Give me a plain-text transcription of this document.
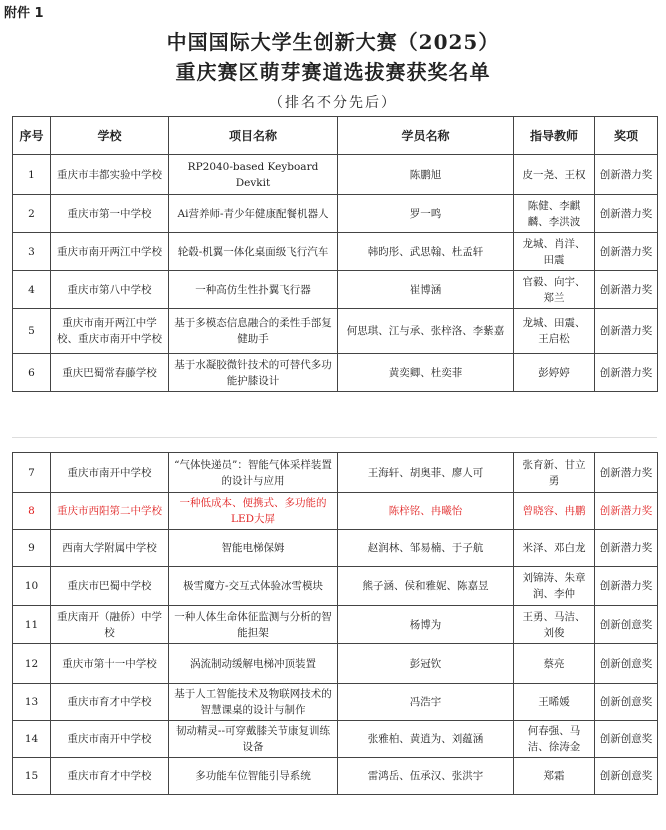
附件 1
中国国际大学生创新大赛（2025）
重庆赛区萌芽赛道选拔赛获奖名单
（排名不分先后）
序号	学校	项目名称	学员名称	指导教师	奖项
1	重庆市丰都实验中学校	RP2040-based Keyboard Devkit	陈鹏旭	皮一尧、王权	创新潜力奖
2	重庆市第一中学校	Ai营养师-青少年健康配餐机器人	罗一鸣	陈健、李麒麟、李洪波	创新潜力奖
3	重庆市南开两江中学校	轮毂-机翼一体化桌面级飞行汽车	韩昀彤、武思翰、杜孟轩	龙城、肖洋、田震	创新潜力奖
4	重庆市第八中学校	一种高仿生性扑翼飞行器	崔博涵	官毅、向宇、郑兰	创新潜力奖
5	重庆市南开两江中学校、重庆市南开中学校	基于多模态信息融合的柔性手部复健助手	何思琪、江与承、张梓洛、李紫嘉	龙城、田震、王启松	创新潜力奖
6	重庆巴蜀常春藤学校	基于水凝胶微针技术的可替代多功能护膝设计	黄奕卿、杜奕菲	彭婷婷	创新潜力奖
7	重庆市南开中学校	“气体快递员”：智能气体采样装置的设计与应用	王海轩、胡奥菲、廖人可	张育新、甘立勇	创新潜力奖
8	重庆市西阳第二中学校	一种低成本、便携式、多功能的LED大屏	陈梓铭、冉曦怡	曾晓容、冉鹏	创新潜力奖
9	西南大学附属中学校	智能电梯保姆	赵润林、邹易楠、于子航	米泽、邓白龙	创新潜力奖
10	重庆市巴蜀中学校	极雪魔方-交互式体验冰雪模块	熊子涵、侯和雅妮、陈嘉昱	刘锦涛、朱章润、李仲	创新潜力奖
11	重庆南开（融侨）中学校	一种人体生命体征监测与分析的智能担架	杨博为	王勇、马洁、刘俊	创新创意奖
12	重庆市第十一中学校	涡流制动缓解电梯冲顶装置	彭冠钦	蔡亮	创新创意奖
13	重庆市育才中学校	基于人工智能技术及物联网技术的智慧课桌的设计与制作	冯浩宇	王晞媛	创新创意奖
14	重庆市南开中学校	韧动精灵--可穿戴膝关节康复训练设备	张雅柏、黄逍为、刘蕴涵	何春强、马洁、徐涛金	创新创意奖
15	重庆市育才中学校	多功能车位智能引导系统	雷鸿岳、伍承汉、张洪宇	郑霜	创新创意奖
